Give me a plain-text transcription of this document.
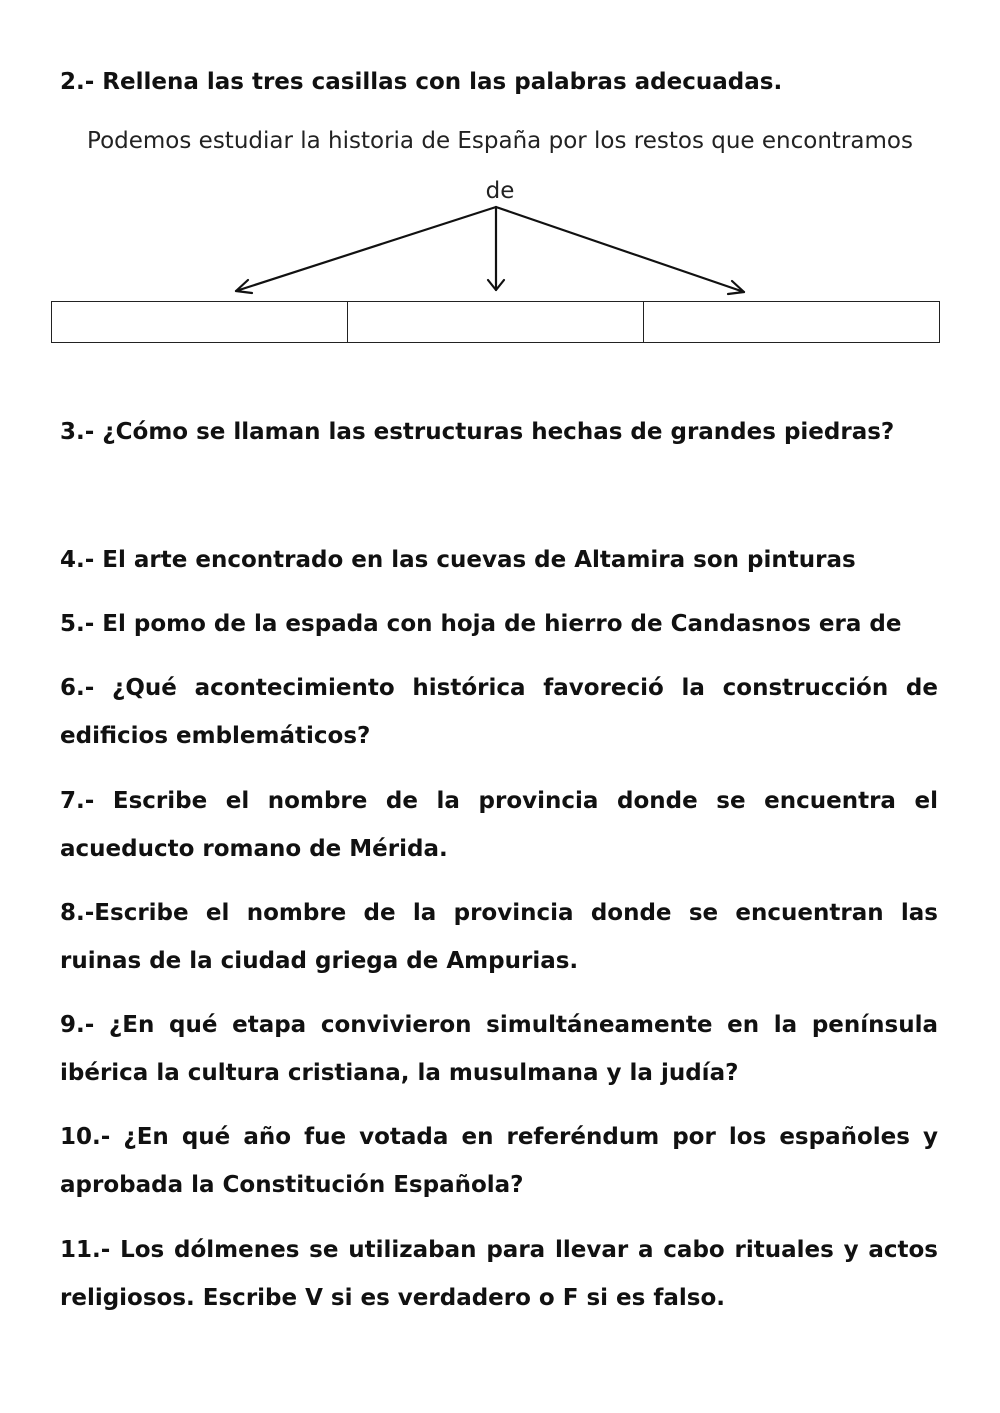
2.- Rellena las tres casillas con las palabras adecuadas.

Podemos estudiar la historia de España por los restos que encontramos

de

3.- ¿Cómo se llaman las estructuras hechas de grandes piedras?

4.- El arte encontrado en las cuevas de Altamira son pinturas

5.- El pomo de la espada con hoja de hierro de Candasnos era de

6.- ¿Qué acontecimiento histórica favoreció la construcción de edificios emblemáticos?

7.- Escribe el nombre de la provincia donde se encuentra el acueducto romano de Mérida.

8.-Escribe el nombre de la provincia donde se encuentran las ruinas de la ciudad griega de Ampurias.

9.- ¿En qué etapa convivieron simultáneamente en la península ibérica la cultura cristiana, la musulmana y la judía?

10.- ¿En qué año fue votada en referéndum por los españoles y aprobada la Constitución Española?

11.- Los dólmenes se utilizaban para llevar a cabo rituales y actos religiosos. Escribe V si es verdadero o F si es falso.
